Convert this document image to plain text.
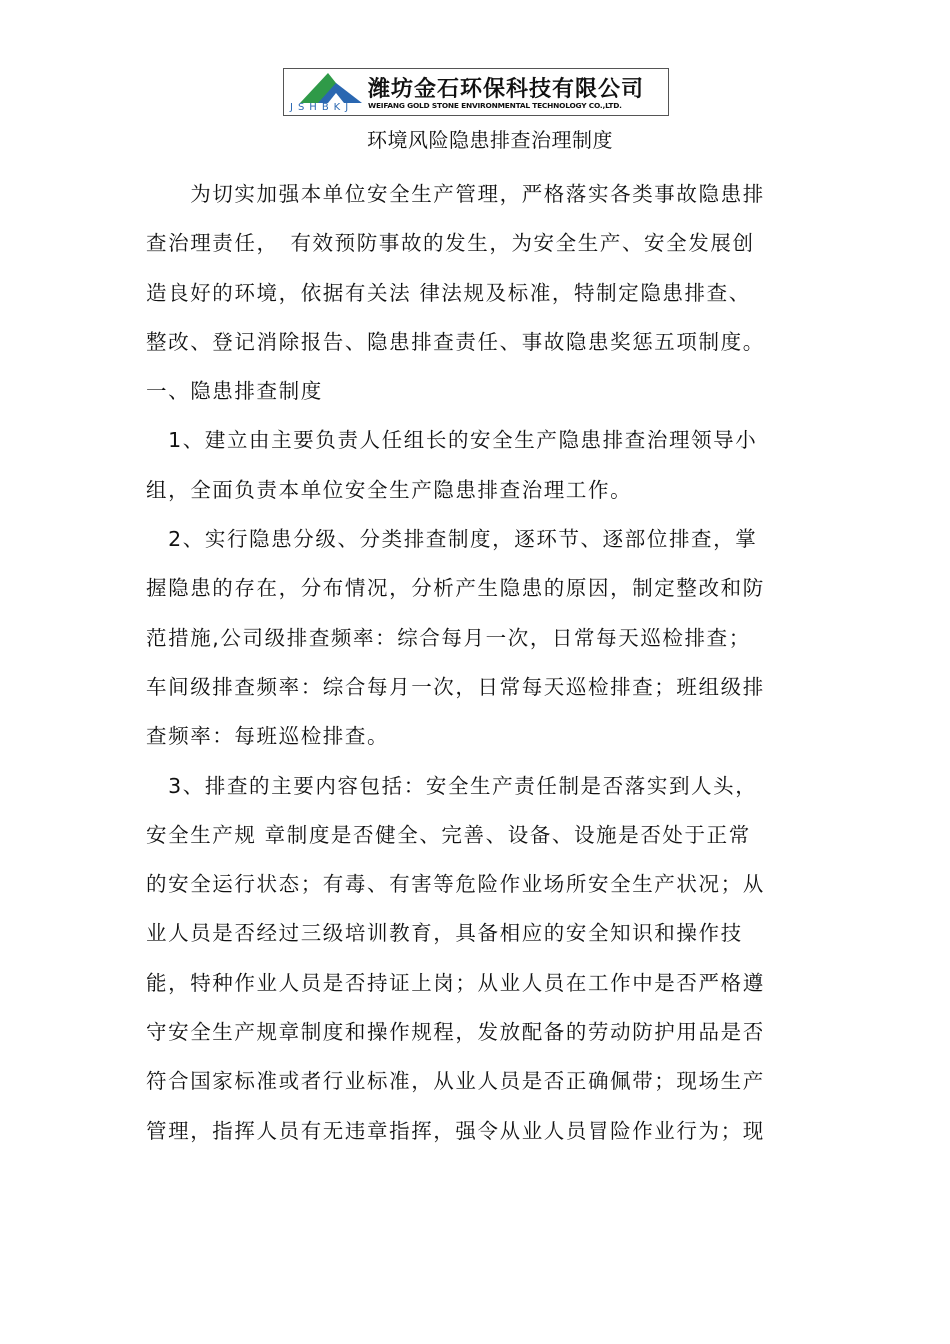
JSHBKJ
潍坊金石环保科技有限公司
WEIFANG GOLD STONE ENVIRONMENTAL TECHNOLOGY CO.,LTD.
环境风险隐患排查治理制度
　　为切实加强本单位安全生产管理，严格落实各类事故隐患排
查治理责任，　有效预防事故的发生，为安全生产、安全发展创
造良好的环境，依据有关法 律法规及标准，特制定隐患排查、
整改、登记消除报告、隐患排查责任、事故隐患奖惩五项制度。
一、隐患排查制度
　1、建立由主要负责人任组长的安全生产隐患排查治理领导小
组，全面负责本单位安全生产隐患排查治理工作。
　2、实行隐患分级、分类排查制度，逐环节、逐部位排查，掌
握隐患的存在，分布情况，分析产生隐患的原因，制定整改和防
范措施,公司级排查频率：综合每月一次，日常每天巡检排查；
车间级排查频率：综合每月一次，日常每天巡检排查；班组级排
查频率：每班巡检排查。
　3、排查的主要内容包括：安全生产责任制是否落实到人头，
安全生产规 章制度是否健全、完善、设备、设施是否处于正常
的安全运行状态；有毒、有害等危险作业场所安全生产状况；从
业人员是否经过三级培训教育，具备相应的安全知识和操作技
能，特种作业人员是否持证上岗；从业人员在工作中是否严格遵
守安全生产规章制度和操作规程，发放配备的劳动防护用品是否
符合国家标准或者行业标准，从业人员是否正确佩带；现场生产
管理，指挥人员有无违章指挥，强令从业人员冒险作业行为；现
